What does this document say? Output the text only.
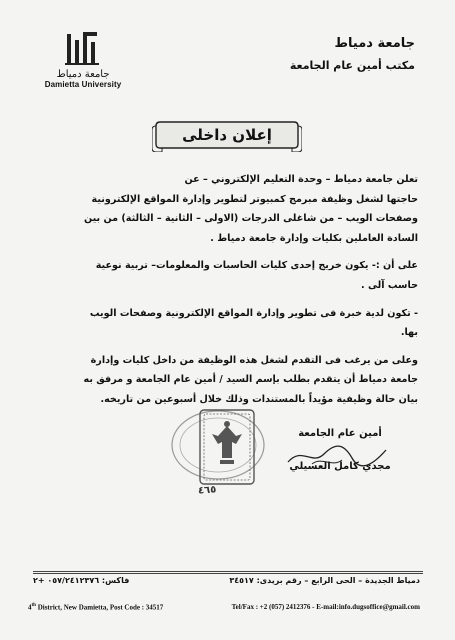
جامعة دمياط
Damietta University
جامعة دمياط
مكتب أمين عام الجامعة
إعلان داخلى

تعلن جامعة دمياط – وحدة التعليم الإلكتروني – عن

حاجتها لشغل وظيفة مبرمج كمبيوتر لتطوير وإدارة المواقع الإلكترونية

وصفحات الويب – من شاغلى الدرجات (الاولى – الثانية – الثالثة) من بين

السادة العاملين بكليات وإدارة جامعة دمياط .

على أن :- يكون خريج إحدى كليات الحاسبات والمعلومات– تربية نوعية

حاسب آلى .

- تكون لدية خبرة فى تطوير وإدارة المواقع الإلكترونية وصفحات الويب

بها.

وعلى من يرغب فى التقدم لشغل هذه الوظيفة من داخل كليات وإدارة

جامعة دمياط أن يتقدم بطلب بإسم السيد / أمين عام الجامعة و مرفق به

بيان حالة وظيفية مؤيداً بالمستندات وذلك خلال أسبوعين من تاريخه.

٤٦٥
أمين عام الجامعة
مجدي كامل العسيلي
دمياط الجديدة – الحى الرابع – رقم بريدى: ٣٤٥١٧
فاكس: ٠٥٧/٢٤١٢٣٧٦ +٢
4th District, New Damietta, Post Code : 34517	Tel/Fax : +2 (057) 2412376 - E-mail:info.dugsoffice@gmail.com
